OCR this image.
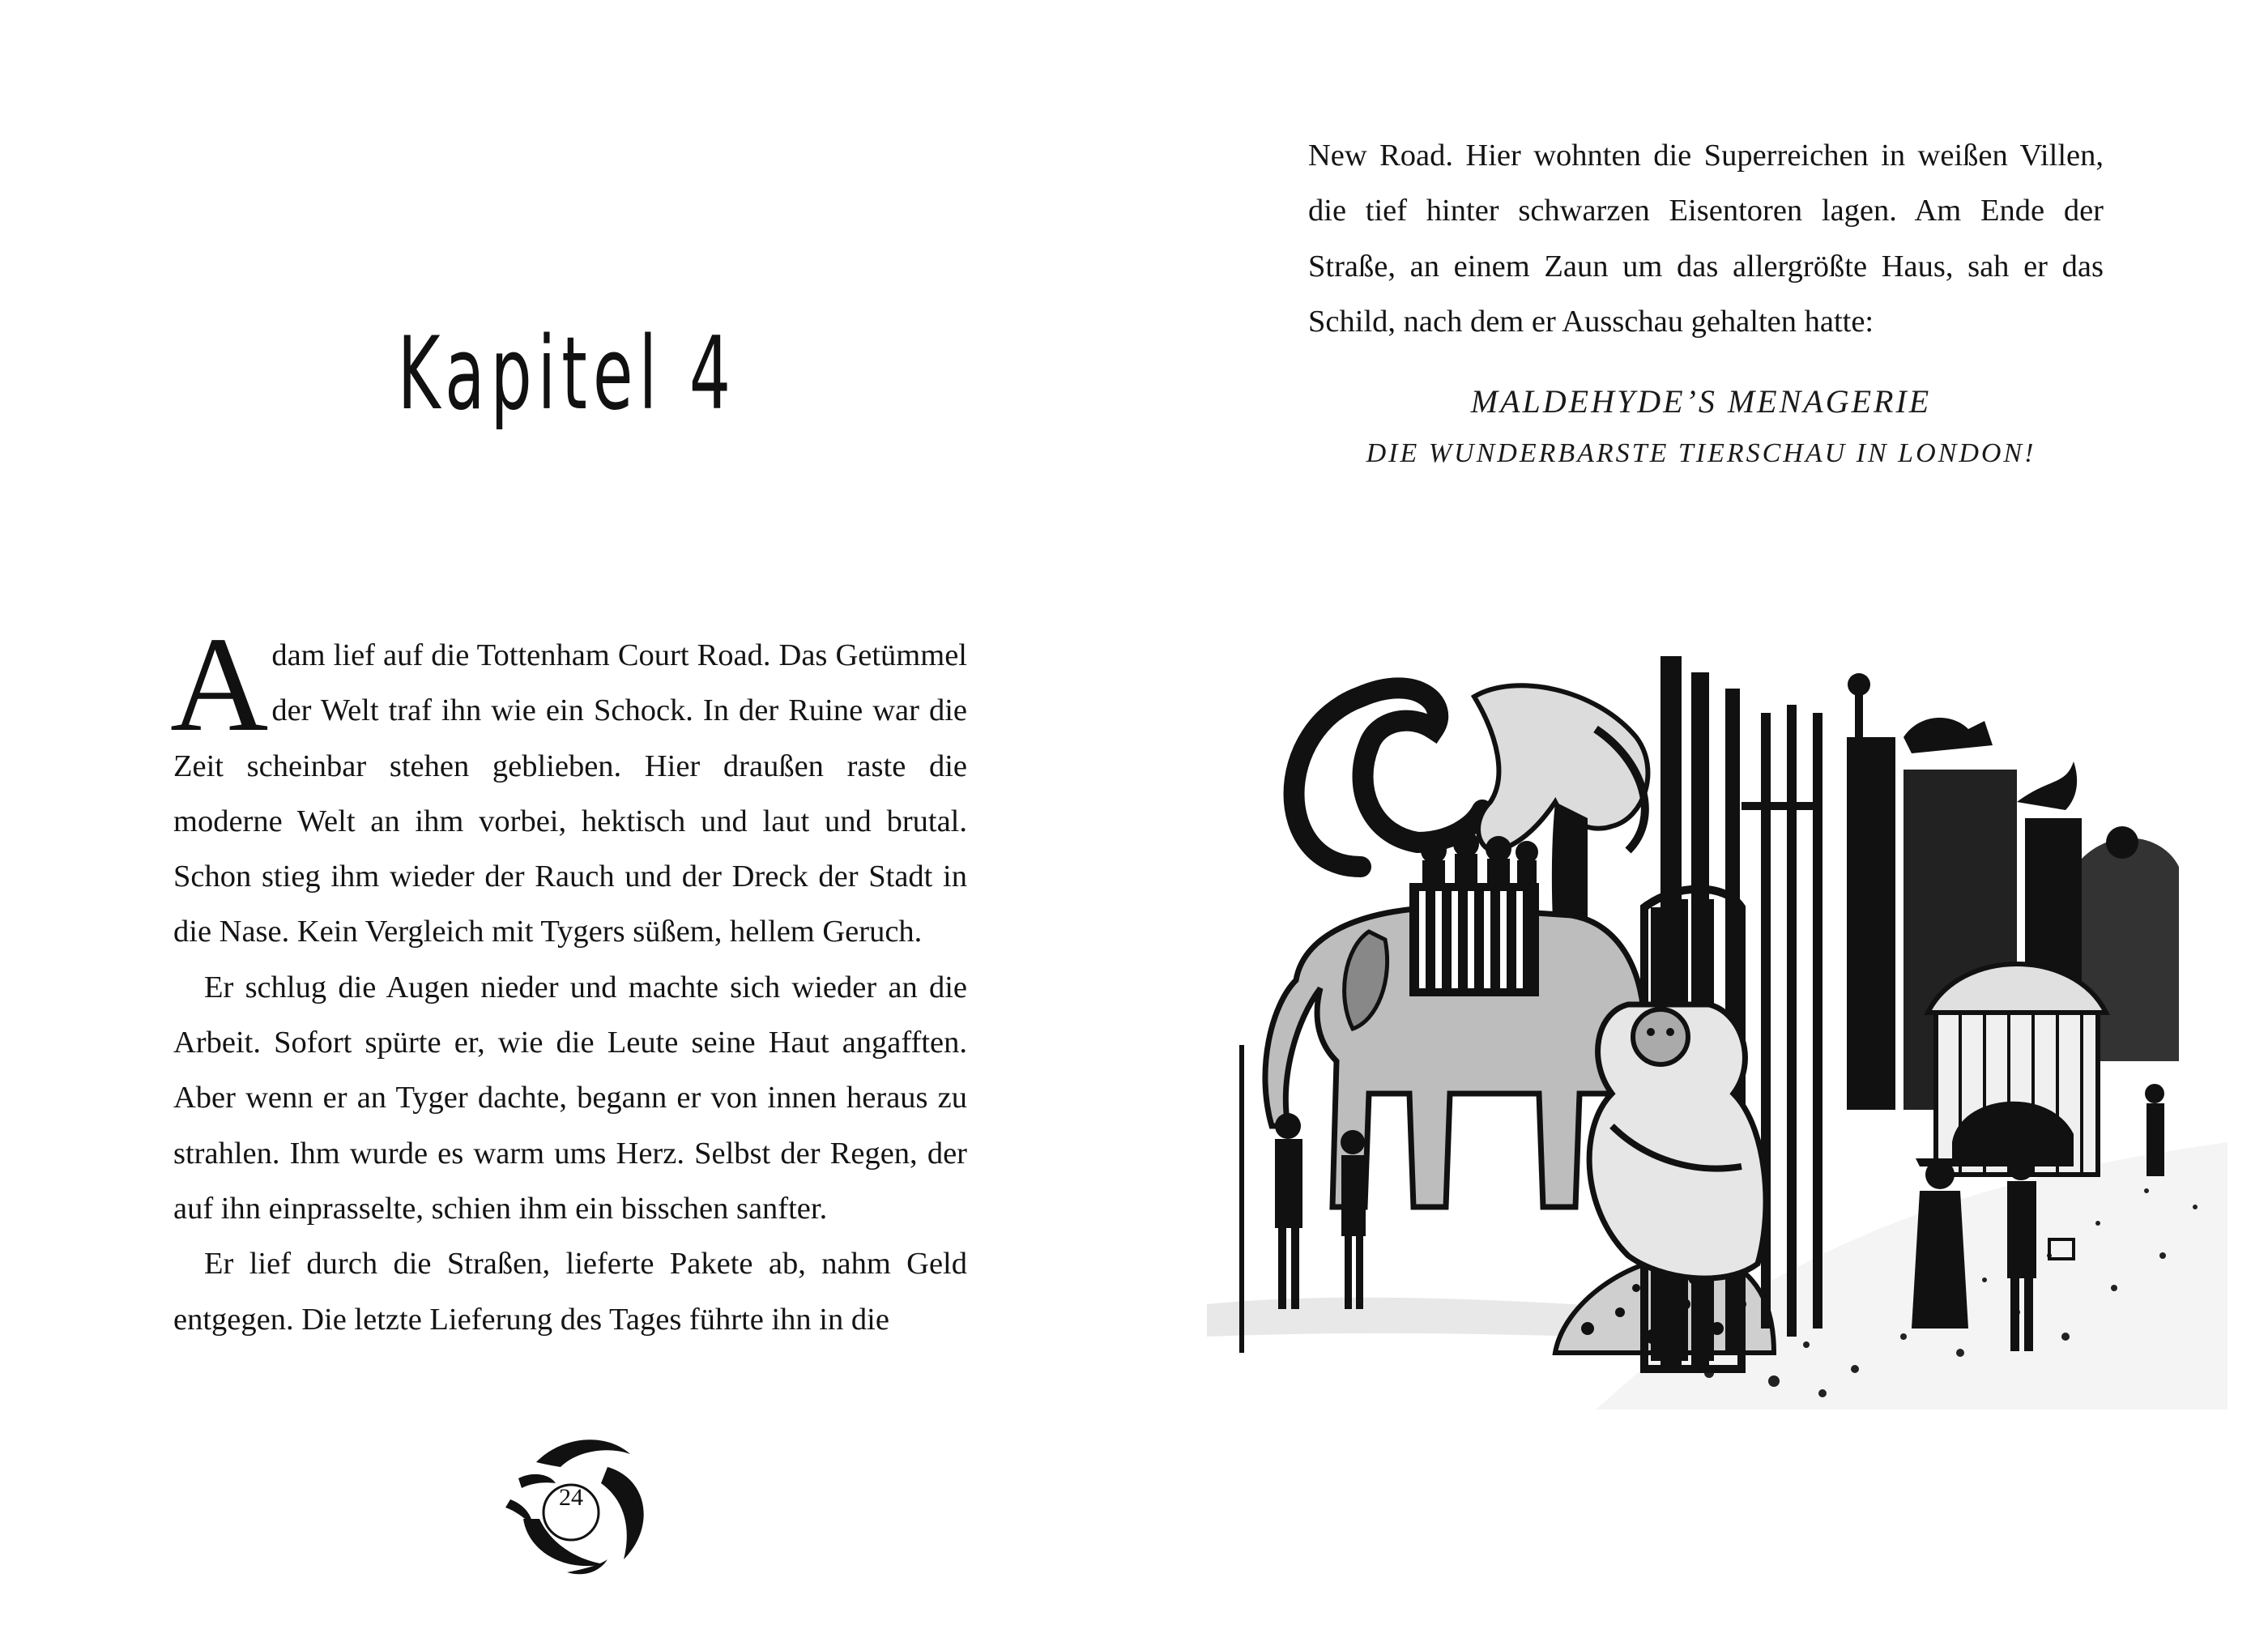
Kapitel 4

Adam lief auf die Tottenham Court Road. Das Getümmel der Welt traf ihn wie ein Schock. In der Ruine war die Zeit scheinbar stehen geblieben. Hier draußen raste die moderne Welt an ihm vorbei, hektisch und laut und brutal. Schon stieg ihm wieder der Rauch und der Dreck der Stadt in die Nase. Kein Vergleich mit Tygers süßem, hellem Geruch.

Er schlug die Augen nieder und machte sich wieder an die Arbeit. Sofort spürte er, wie die Leute seine Haut angafften. Aber wenn er an Tyger dachte, begann er von innen heraus zu strahlen. Ihm wurde es warm ums Herz. Selbst der Regen, der auf ihn einprasselte, schien ihm ein bisschen sanfter.

Er lief durch die Straßen, lieferte Pakete ab, nahm Geld entgegen. Die letzte Lieferung des Tages führte ihn in die

24

New Road. Hier wohnten die Superreichen in weißen Villen, die tief hinter schwarzen Eisentoren lagen. Am Ende der Straße, an einem Zaun um das allergrößte Haus, sah er das Schild, nach dem er Ausschau gehalten hatte:

MALDEHYDE’S MENAGERIE
DIE WUNDERBARSTE TIERSCHAU IN LONDON!
